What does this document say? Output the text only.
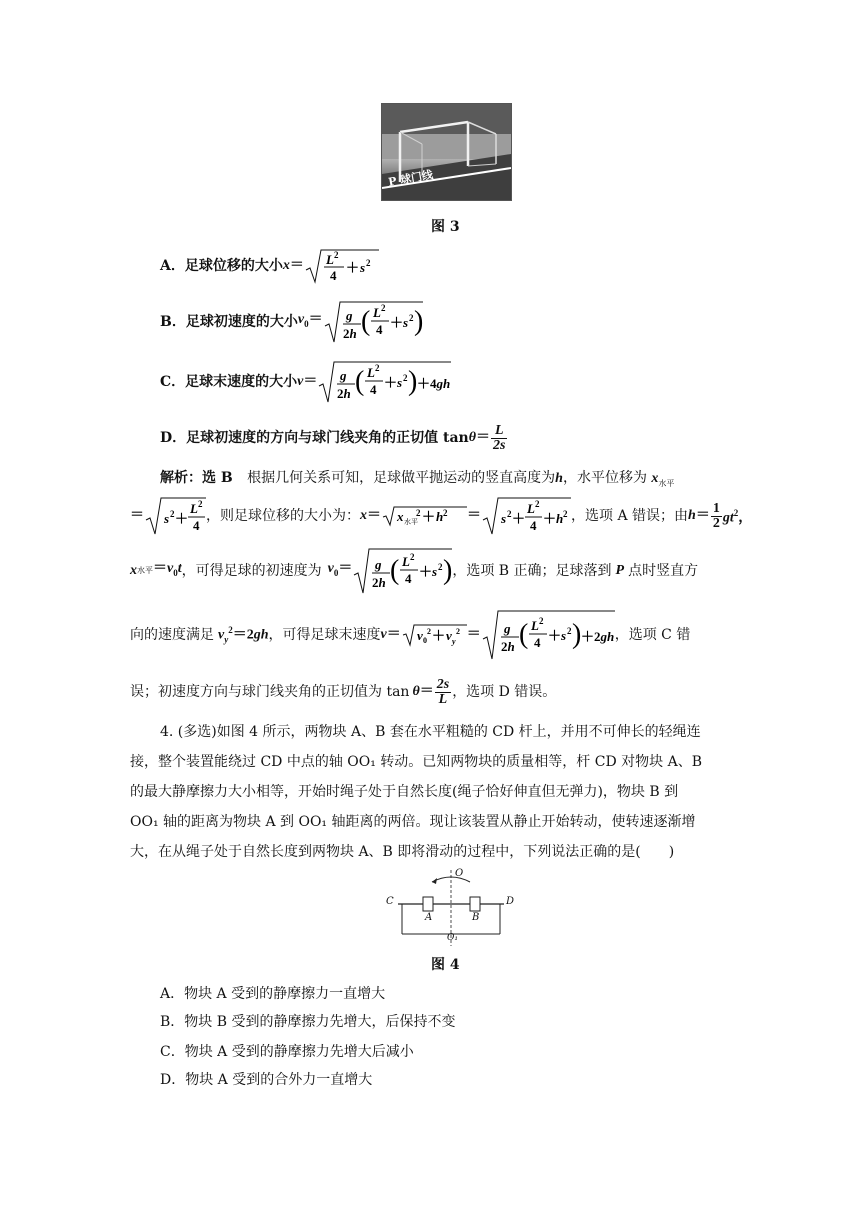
P 球门线
图 3
A．足球位移的大小 x＝ L 2
4
＋ s 2
B．足球初速度的大小 $v_0= g$
2h ( L 2
4 ＋ s 2 )
C．足球末速度的大小 v＝ g
2h ( L 2
4 ＋ s 2 ) ＋4gh
D．足球初速度的方向与球门线夹角的正切值 $\tan \theta= \frac{L}{2s}$
解析：选 B 根据几何关系可知，足球做平抛运动的竖直高度为h，水平位移为 $x_{水平}$
＝ s 2 ＋
L 2
4
，则足球位移的大小为： x＝ x 水平
2 ＋ h 2 ＝ s 2 ＋
L 2
4 ＋ h 2 ，选项 A 错误；由 $h= \frac{1}{2} gt^2$，
x 水平 $=v_0t$ ，可得足球的初速度为 $v_0= g$
2h ( L 2
4 ＋ s 2 ) ，选项 B 正确；足球落到 P 点时竖直方
向的速度满足 $v_y^2=2gh$ ，可得足球末速度 v＝ v 0
2 ＋ v y
2 ＝ g
2h ( L 2
4 ＋ s 2 ) ＋2gh ，选项 C 错
误；初速度方向与球门线夹角的正切值为 $\tan \theta= \frac{2s}{L}$ ，选项 D 错误。
4. (多选)如图 4 所示，两物块 A、B 套在水平粗糙的 CD 杆上，并用不可伸长的轻绳连
接，整个装置能绕过 CD 中点的轴 OO₁ 转动。已知两物块的质量相等，杆 CD 对物块 A、B
的最大静摩擦力大小相等，开始时绳子处于自然长度(绳子恰好伸直但无弹力)，物块 B 到
OO₁ 轴的距离为物块 A 到 OO₁ 轴距离的两倍。现让该装置从静止开始转动，使转速逐渐增
大，在从绳子处于自然长度到两物块 A、B 即将滑动的过程中，下列说法正确的是(　　)
C	D
A	B
O
O₁
图 4
A．物块 A 受到的静摩擦力一直增大
B．物块 B 受到的静摩擦力先增大，后保持不变
C．物块 A 受到的静摩擦力先增大后减小
D．物块 A 受到的合外力一直增大
